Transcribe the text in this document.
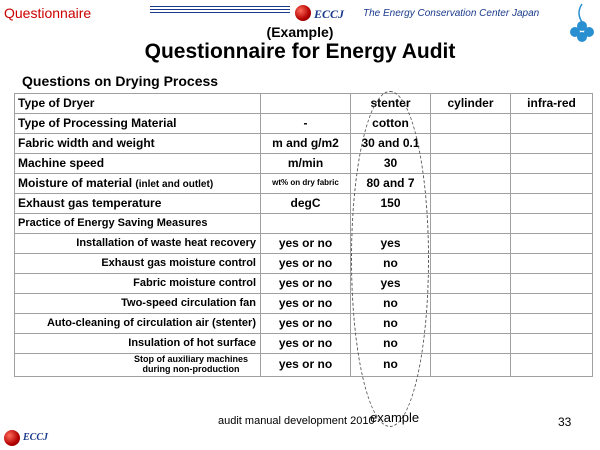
Questionnaire	ECCJ The Energy Conservation Center Japan
(Example)
Questionnaire for Energy Audit
Questions on Drying Process
Type of Dryer		stenter	cylinder	infra-red
Type of Processing Material	-	cotton		
Fabric width and weight	m and g/m2	30 and 0.1		
Machine speed	m/min	30		
Moisture of material (inlet and outlet)	wt% on dry fabric	80 and 7		
Exhaust gas temperature	degC	150		
Practice of Energy Saving Measures				
Installation of waste heat recovery	yes or no	yes		
Exhaust gas moisture control	yes or no	no		
Fabric moisture control	yes or no	yes		
Two-speed circulation fan	yes or no	no		
Auto-cleaning of circulation air (stenter)	yes or no	no		
Insulation of hot surface	yes or no	no		

Stop of auxiliary machines during non-production	yes or no	no		
audit manual development 2010
example	33
ECCJ
